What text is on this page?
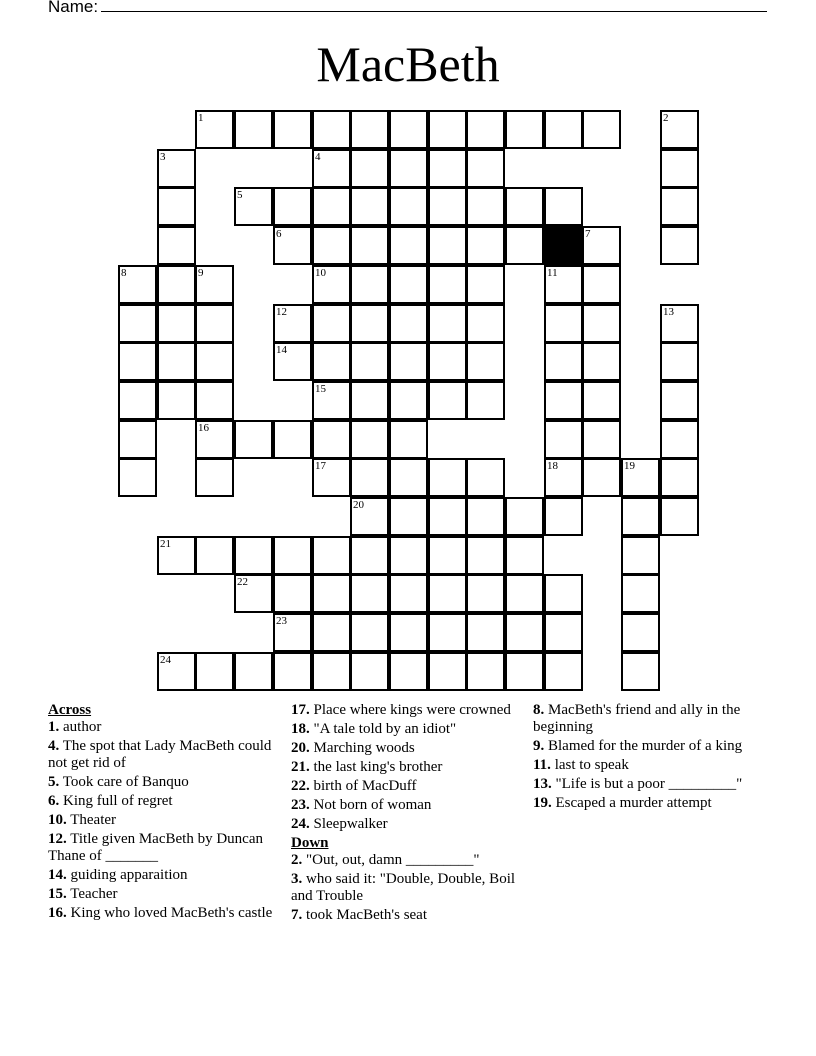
Name:
MacBeth
1	2
3	4
5
6	7
8	9	10	11
12	13
14
15
16
17	18	19
20
21
22
23
24
Across
1. author
4. The spot that Lady MacBeth could not get rid of
5. Took care of Banquo
6. King full of regret
10. Theater
12. Title given MacBeth by Duncan Thane of _______
14. guiding apparaition
15. Teacher
16. King who loved MacBeth's castle
17. Place where kings were crowned
18. "A tale told by an idiot"
20. Marching woods
21. the last king's brother
22. birth of MacDuff
23. Not born of woman
24. Sleepwalker
Down
2. "Out, out, damn _________"
3. who said it: "Double, Double, Boil and Trouble
7. took MacBeth's seat
8. MacBeth's friend and ally in the beginning
9. Blamed for the murder of a king
11. last to speak
13. "Life is but a poor _________"
19. Escaped a murder attempt
